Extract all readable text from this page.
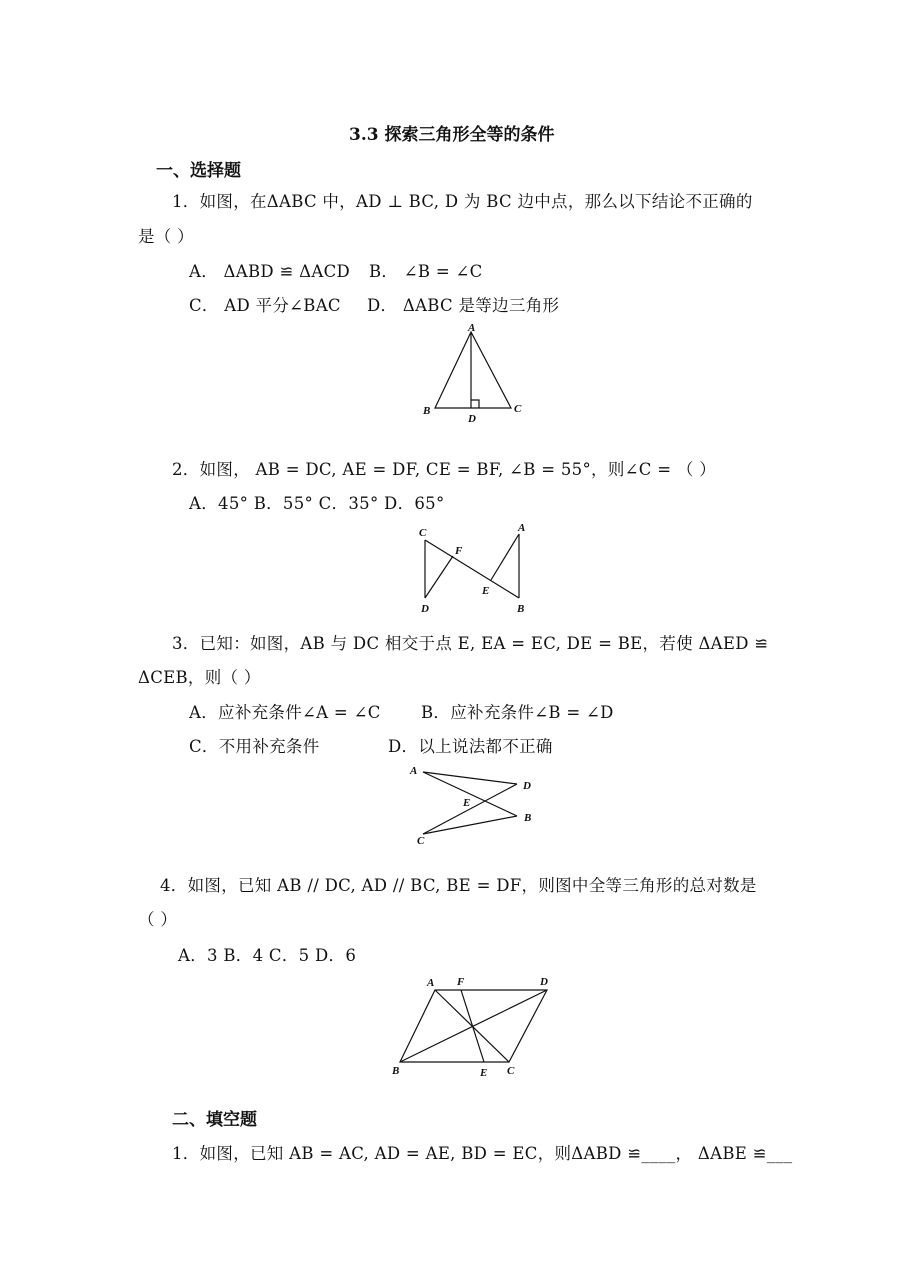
3.3 探索三角形全等的条件
一、选择题
1．如图，在ΔABC 中，AD ⊥ BC, D 为 BC 边中点，那么以下结论不正确的
是（ ）
A． ΔABD ≌ ΔACD B． ∠B = ∠C
C． AD 平分∠BAC D． ΔABC 是等边三角形
A
B	C
D
2．如图， AB = DC, AE = DF, CE = BF, ∠B = 55°，则∠C = （ ）
A．45° B．55° C．35° D．65°
C
F
A
E
D	B
3．已知：如图，AB 与 DC 相交于点 E, EA = EC, DE = BE，若使 ΔAED ≌
ΔCEB，则（ ）
A．应补充条件∠A = ∠C B．应补充条件∠B = ∠D
C．不用补充条件	D．以上说法都不正确
A
D
E
B
C
4．如图，已知 AB // DC, AD // BC, BE = DF，则图中全等三角形的总对数是
（ ）
A．3 B．4 C．5 D．6
A F	D
B	E C
二、填空题
1．如图，已知 AB = AC, AD = AE, BD = EC，则ΔABD ≌____， ΔABE ≌___
